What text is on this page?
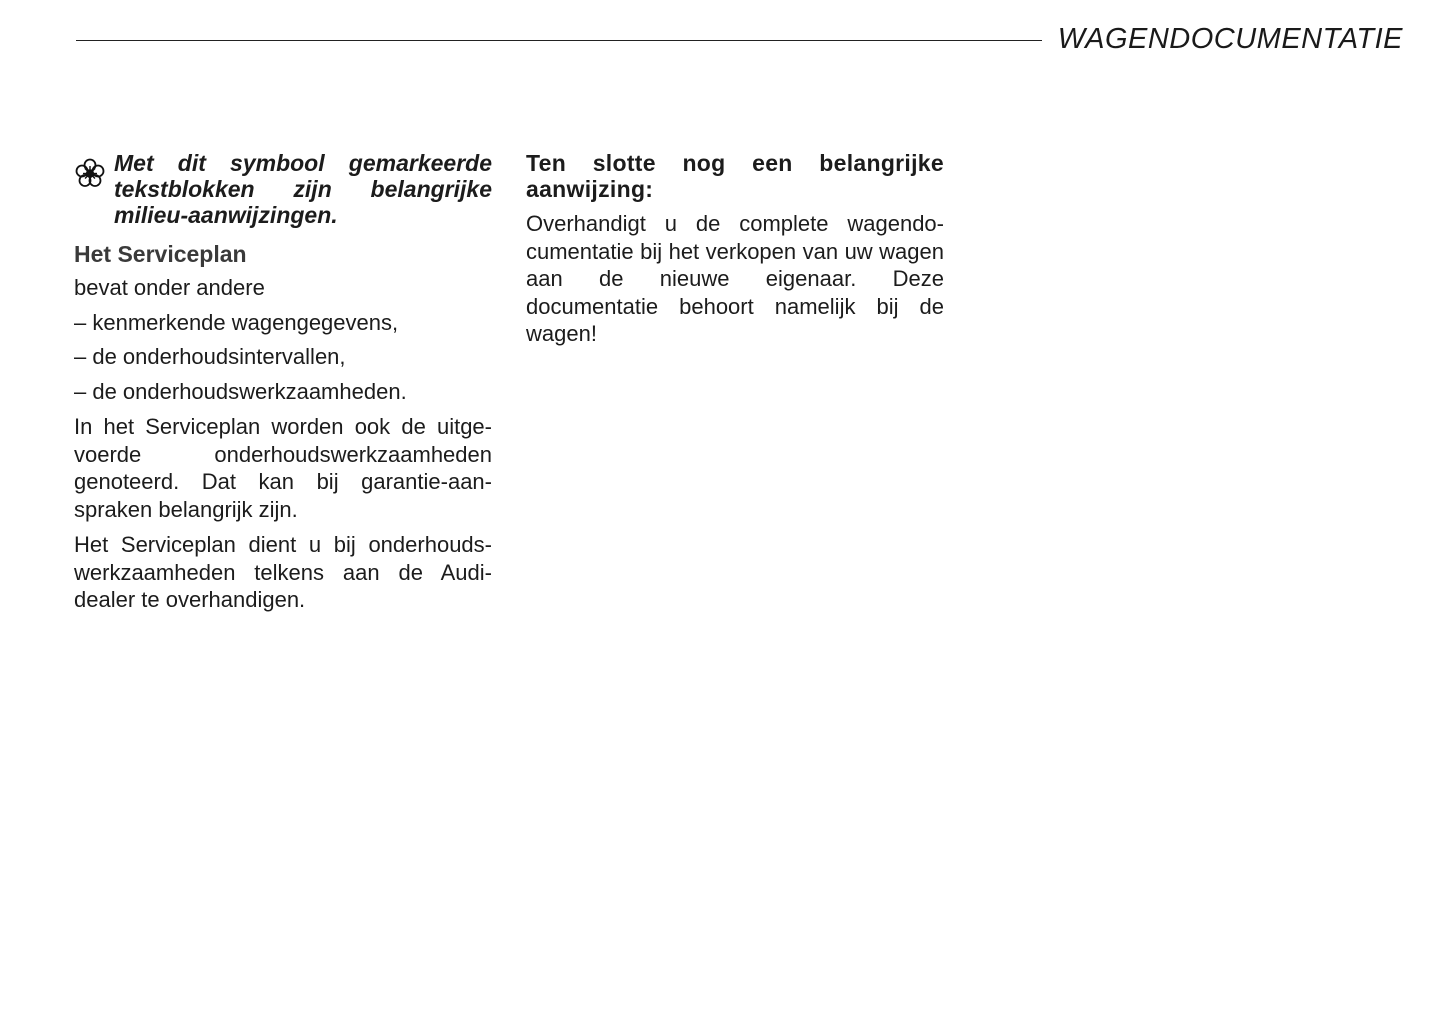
WAGENDOCUMENTATIE

Met dit symbool gemarkeerde tekstblokken zijn belangrijke milieu-aanwijzingen.

Het Serviceplan

bevat onder andere

– kenmerkende wagengegevens,
– de onderhoudsintervallen,
– de onderhoudswerkzaamheden.

In het Serviceplan worden ook de uitgevoerde onderhoudswerkzaamheden genoteerd. Dat kan bij garantie-aanspraken belangrijk zijn.

Het Serviceplan dient u bij onderhoudswerkzaamheden telkens aan de Audi-dealer te overhandigen.

Ten slotte nog een belangrijke aanwijzing:

Overhandigt u de complete wagendocumentatie bij het verkopen van uw wagen aan de nieuwe eigenaar. Deze documentatie behoort namelijk bij de wagen!
